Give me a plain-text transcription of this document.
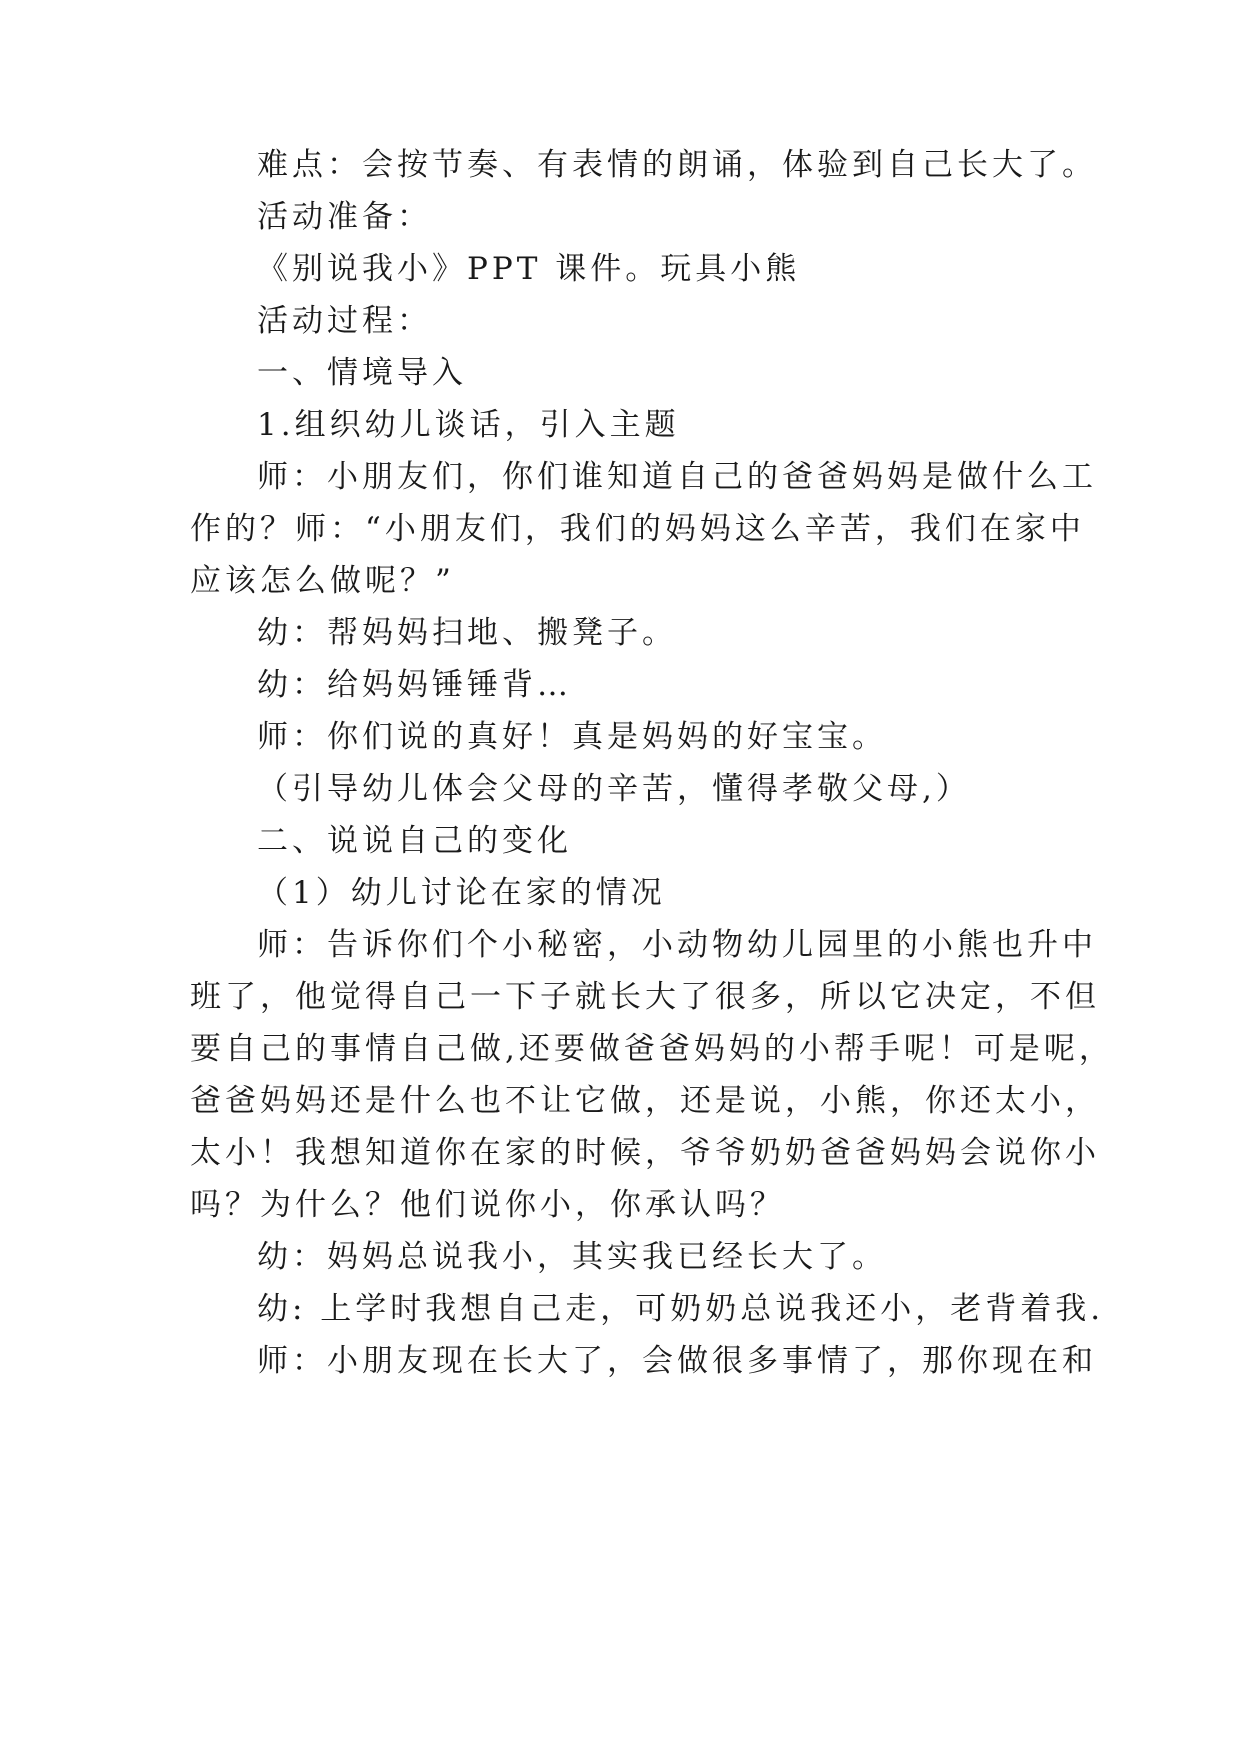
难点：会按节奏、有表情的朗诵，体验到自己长大了。
活动准备：
《别说我小》PPT 课件。玩具小熊
活动过程：
一、情境导入
1.组织幼儿谈话，引入主题
师：小朋友们，你们谁知道自己的爸爸妈妈是做什么工
作的？师：“小朋友们，我们的妈妈这么辛苦，我们在家中
应该怎么做呢？”
幼：帮妈妈扫地、搬凳子。
幼：给妈妈锤锤背…
师：你们说的真好！真是妈妈的好宝宝。
（引导幼儿体会父母的辛苦，懂得孝敬父母,）
二、说说自己的变化
（1）幼儿讨论在家的情况
师：告诉你们个小秘密，小动物幼儿园里的小熊也升中
班了，他觉得自己一下子就长大了很多，所以它决定，不但
要自己的事情自己做,还要做爸爸妈妈的小帮手呢！可是呢，
爸爸妈妈还是什么也不让它做，还是说，小熊，你还太小，
太小！我想知道你在家的时候，爷爷奶奶爸爸妈妈会说你小
吗？为什么？他们说你小，你承认吗？
幼：妈妈总说我小，其实我已经长大了。
幼: 上学时我想自己走，可奶奶总说我还小，老背着我.
师：小朋友现在长大了，会做很多事情了，那你现在和
